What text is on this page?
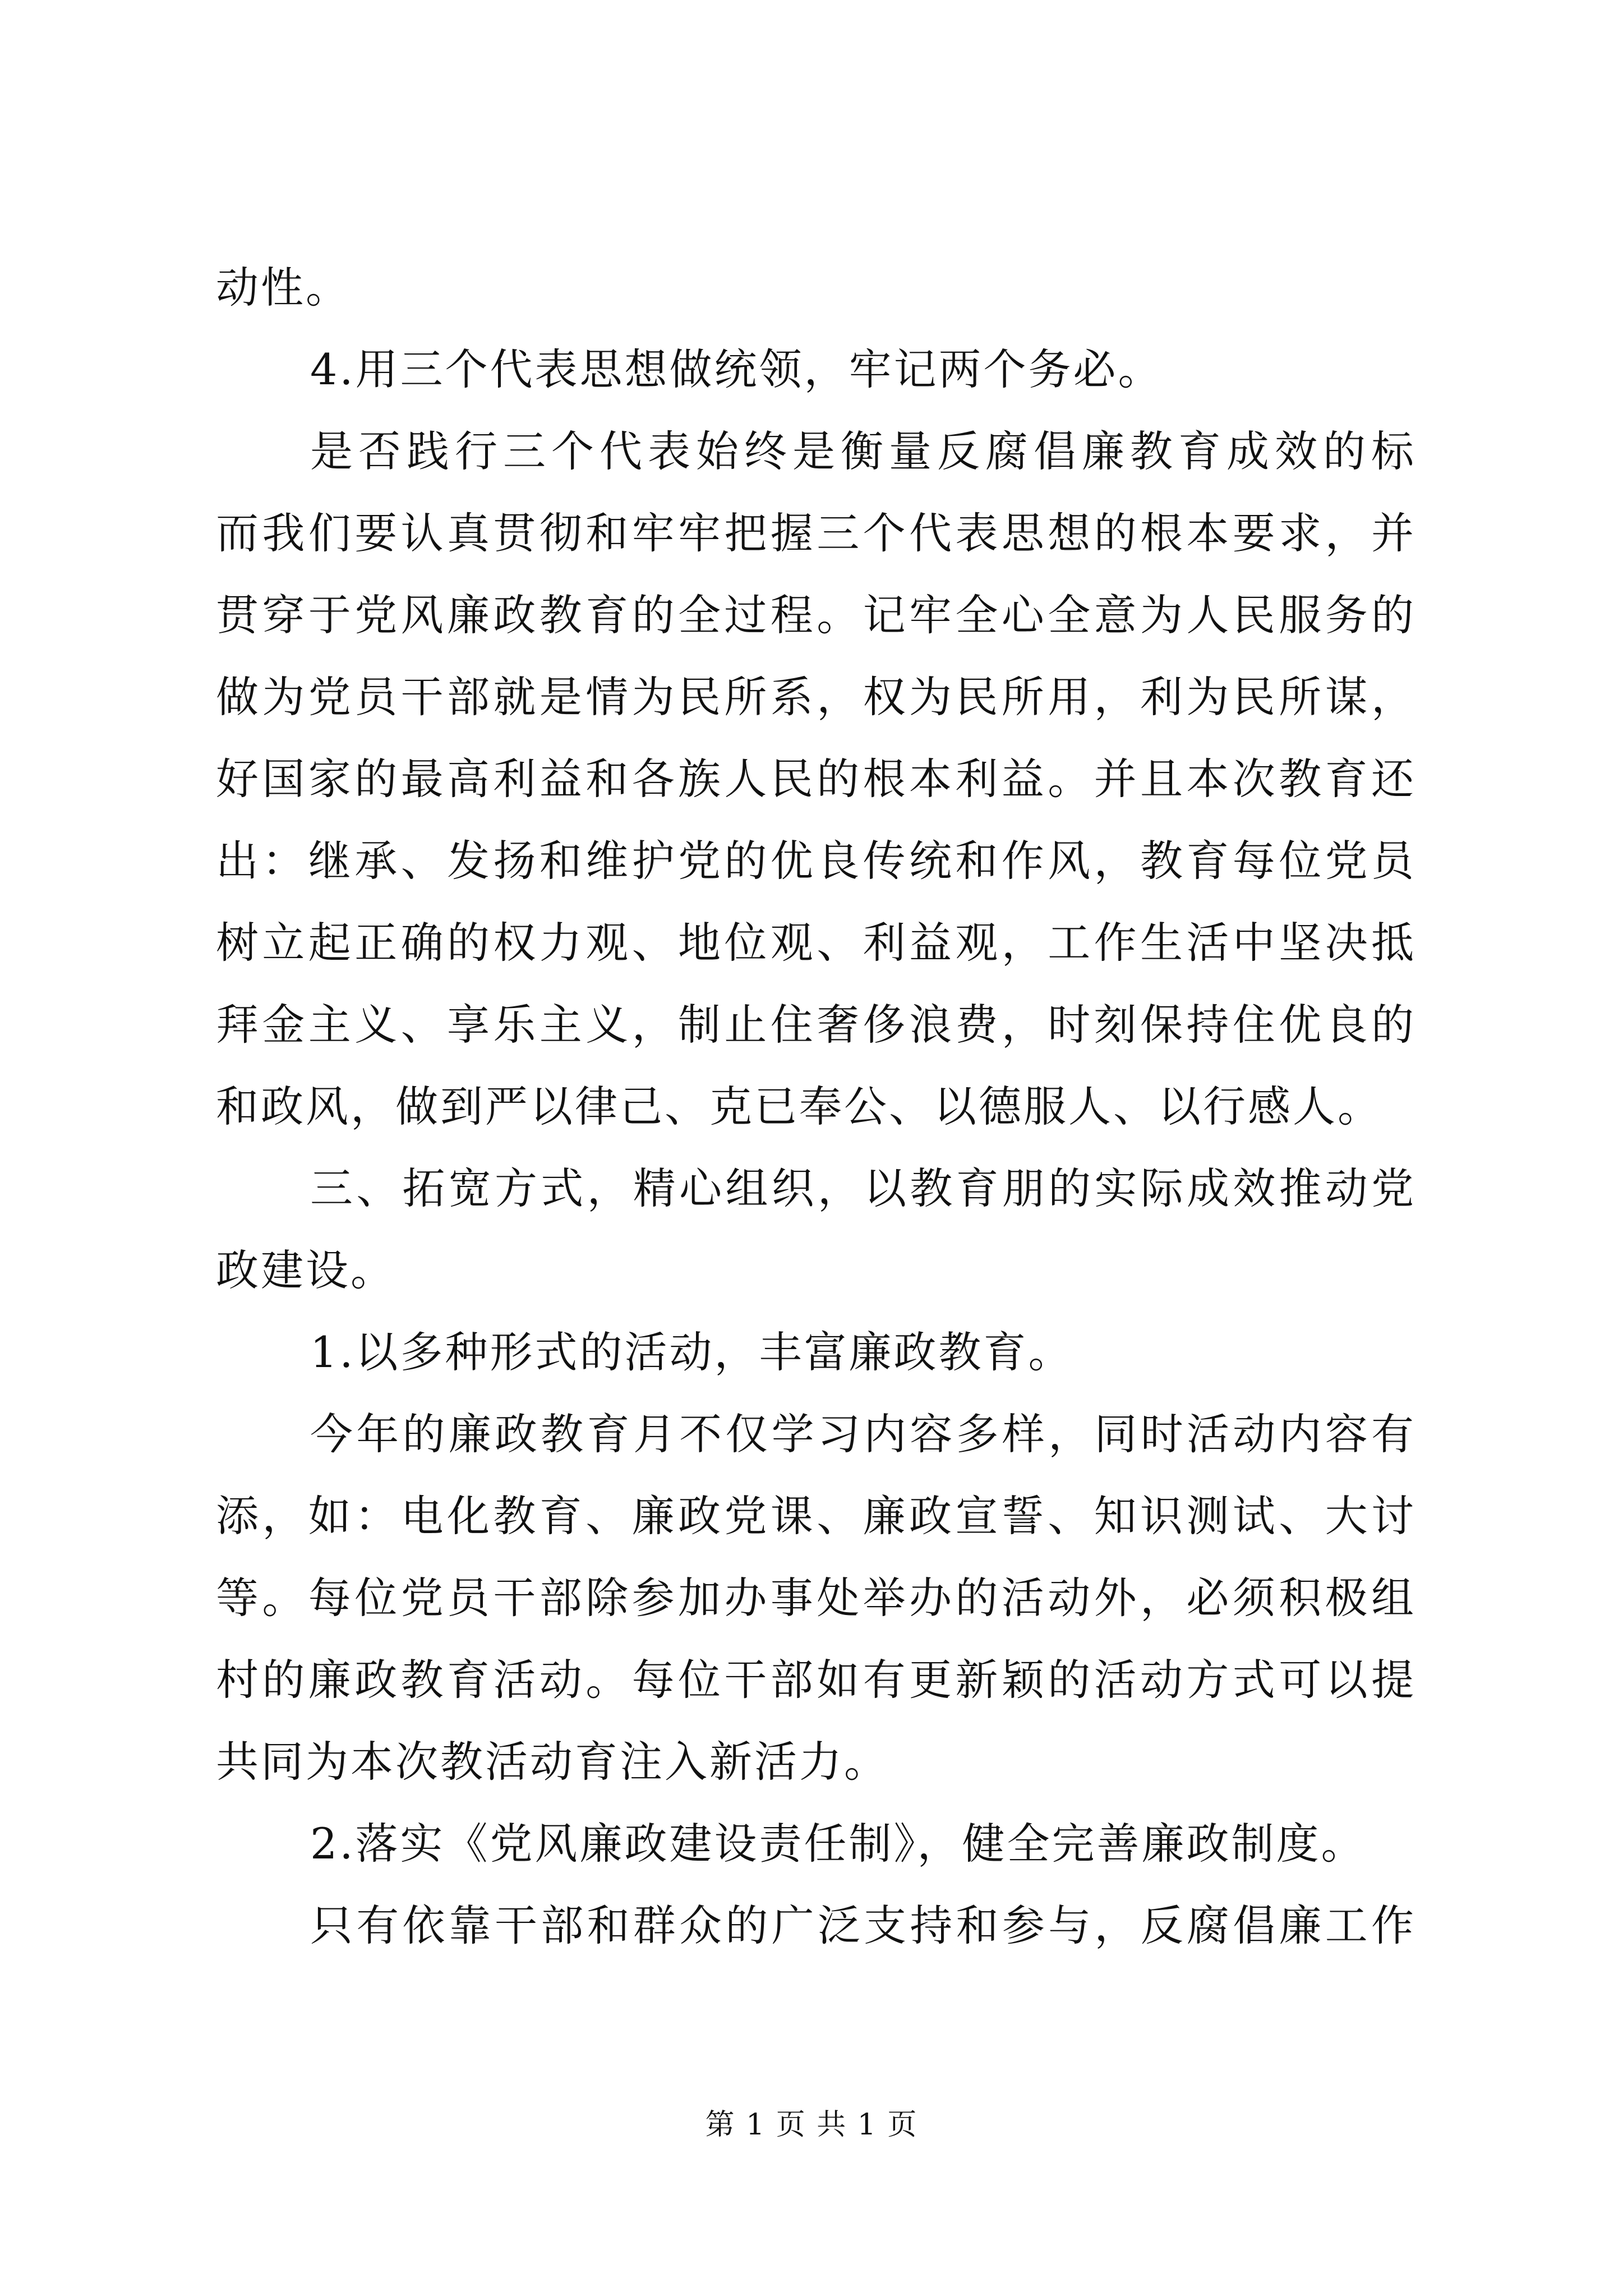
动性。
4.用三个代表思想做统领，牢记两个务必。
是否践行三个代表始终是衡量反腐倡廉教育成效的标
而我们要认真贯彻和牢牢把握三个代表思想的根本要求，并
贯穿于党风廉政教育的全过程。记牢全心全意为人民服务的
做为党员干部就是情为民所系，权为民所用，利为民所谋，
好国家的最高利益和各族人民的根本利益。并且本次教育还
出：继承、发扬和维护党的优良传统和作风，教育每位党员
树立起正确的权力观、地位观、利益观，工作生活中坚决抵
拜金主义、享乐主义，制止住奢侈浪费，时刻保持住优良的
和政风，做到严以律己、克已奉公、以德服人、以行感人。
三、拓宽方式，精心组织，以教育朋的实际成效推动党
政建设。
1.以多种形式的活动，丰富廉政教育。
今年的廉政教育月不仅学习内容多样，同时活动内容有
添，如：电化教育、廉政党课、廉政宣誓、知识测试、大讨
等。每位党员干部除参加办事处举办的活动外，必须积极组
村的廉政教育活动。每位干部如有更新颖的活动方式可以提
共同为本次教活动育注入新活力。
2.落实《党风廉政建设责任制》，健全完善廉政制度。
只有依靠干部和群众的广泛支持和参与，反腐倡廉工作
第 1 页 共 1 页
